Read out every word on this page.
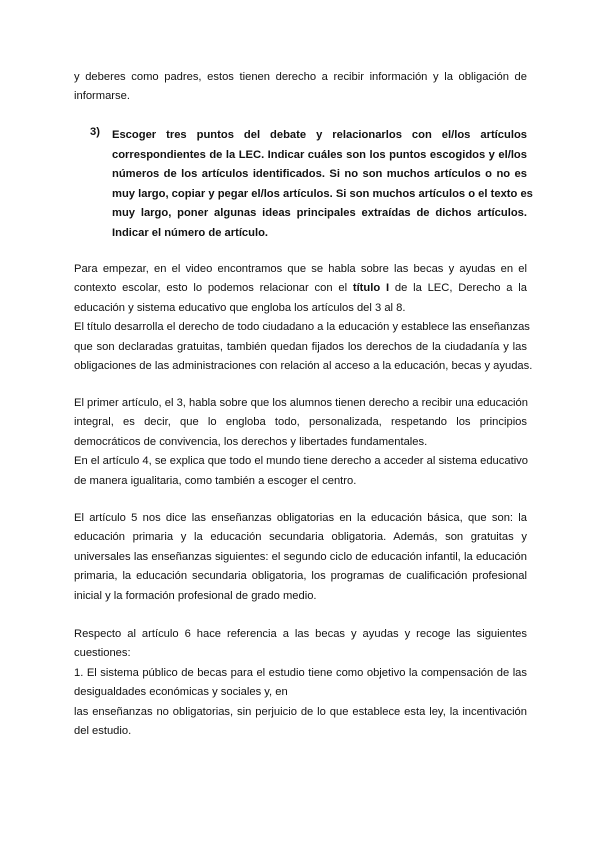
y deberes como padres, estos tienen derecho a recibir información y la obligación de
informarse.
3)	Escoger tres puntos del debate y relacionarlos con el/los artículos
correspondientes de la LEC. Indicar cuáles son los puntos escogidos y el/los
números de los artículos identificados. Si no son muchos artículos o no es
muy largo, copiar y pegar el/los artículos. Si son muchos artículos o el texto es
muy largo, poner algunas ideas principales extraídas de dichos artículos.
Indicar el número de artículo.
Para empezar, en el video encontramos que se habla sobre las becas y ayudas en el
contexto escolar, esto lo podemos relacionar con el título I de la LEC, Derecho a la
educación y sistema educativo que engloba los artículos del 3 al 8.
El título desarrolla el derecho de todo ciudadano a la educación y establece las enseñanzas
que son declaradas gratuitas, también quedan fijados los derechos de la ciudadanía y las
obligaciones de las administraciones con relación al acceso a la educación, becas y ayudas.
El primer artículo, el 3, habla sobre que los alumnos tienen derecho a recibir una educación
integral, es decir, que lo engloba todo, personalizada, respetando los principios
democráticos de convivencia, los derechos y libertades fundamentales.
En el artículo 4, se explica que todo el mundo tiene derecho a acceder al sistema educativo
de manera igualitaria, como también a escoger el centro.
El artículo 5 nos dice las enseñanzas obligatorias en la educación básica, que son: la
educación primaria y la educación secundaria obligatoria. Además, son gratuitas y
universales las enseñanzas siguientes: el segundo ciclo de educación infantil, la educación
primaria, la educación secundaria obligatoria, los programas de cualificación profesional
inicial y la formación profesional de grado medio.
Respecto al artículo 6 hace referencia a las becas y ayudas y recoge las siguientes
cuestiones:
1. El sistema público de becas para el estudio tiene como objetivo la compensación de las
desigualdades económicas y sociales y, en
las enseñanzas no obligatorias, sin perjuicio de lo que establece esta ley, la incentivación
del estudio.
